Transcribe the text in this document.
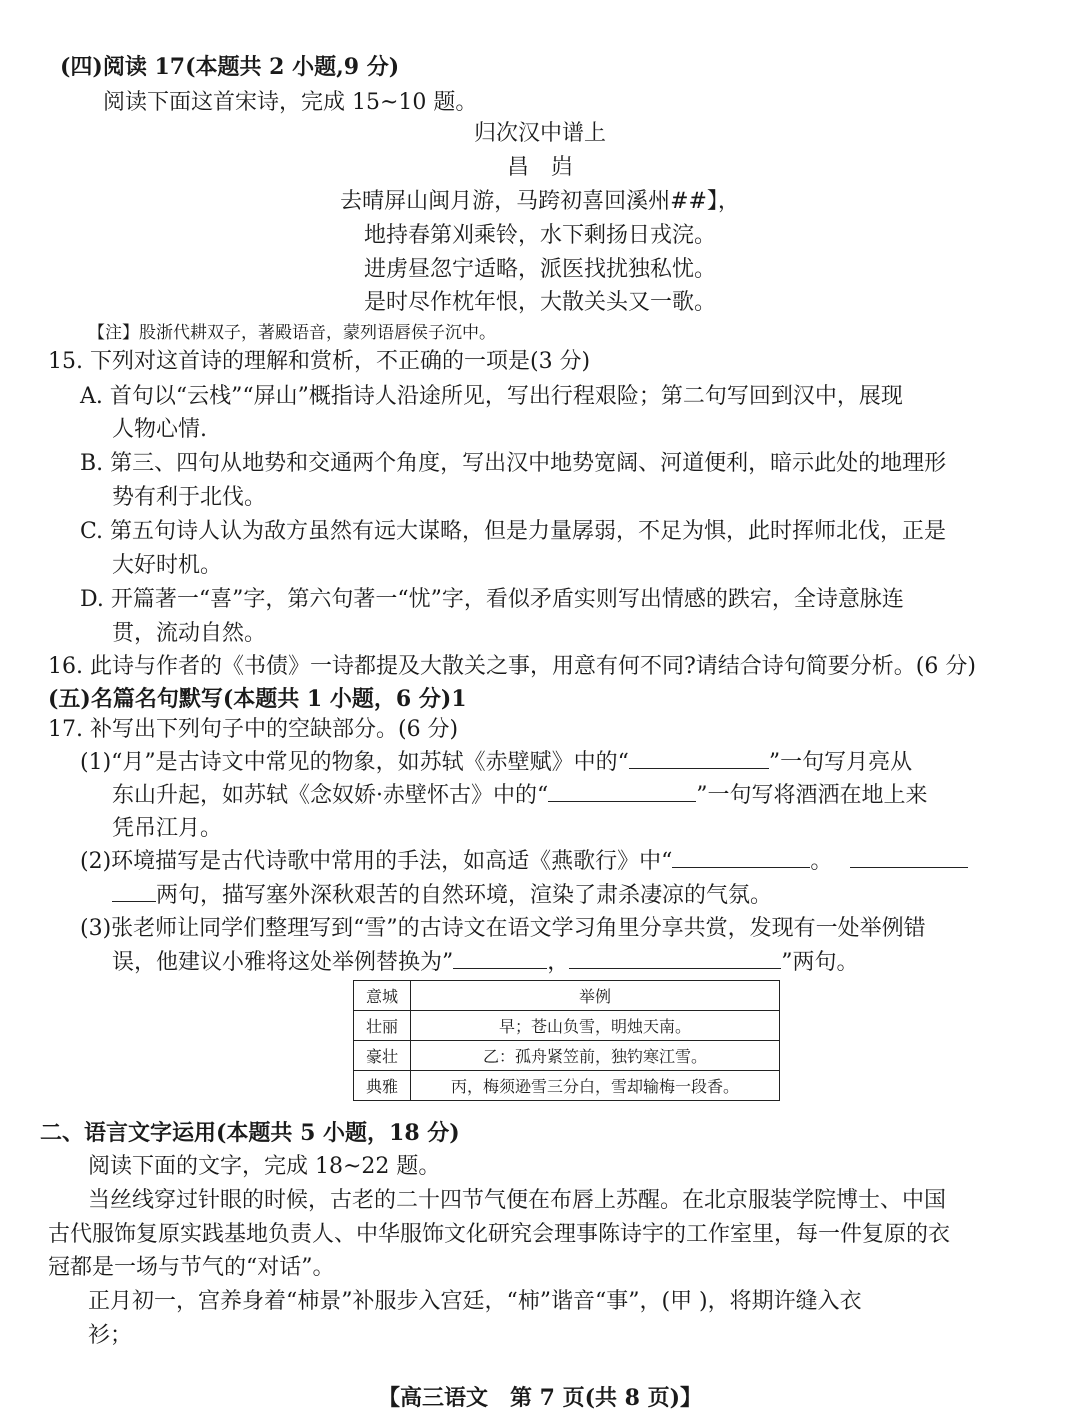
(四)阅读 17(本题共 2 小题,9 分)
阅读下面这首宋诗，完成 15~10 题。
归次汉中谱上
昌　岿
去晴屏山闽月游，马跨初喜回溪州##】，
地持春第刈乘铃，水下剩扬日戎浣。
进虏昼忽宁适略，派医找扰独私忧。
是时尽作枕年恨，大散关头又一歌。
【注】股浙代耕双子，著殿语音，蒙列语唇侯子沉中。
15. 下列对这首诗的理解和赏析，不正确的一项是(3 分)
A. 首句以“云栈”“屏山”概指诗人沿途所见，写出行程艰险；第二句写回到汉中，展现
人物心情.
B. 第三、四句从地势和交通两个角度，写出汉中地势宽阔、河道便利，暗示此处的地理形
势有利于北伐。
C. 第五句诗人认为敌方虽然有远大谋略，但是力量孱弱，不足为惧，此时挥师北伐，正是
大好时机。
D. 开篇著一“喜”字，第六句著一“忧”字，看似矛盾实则写出情感的跌宕，全诗意脉连
贯，流动自然。
16. 此诗与作者的《书债》一诗都提及大散关之事，用意有何不同?请结合诗句简要分析。(6 分)
(五)名篇名句默写(本题共 1 小题，6 分)1
17. 补写出下列句子中的空缺部分。(6 分)
(1)“月”是古诗文中常见的物象，如苏轼《赤壁赋》中的“	”一句写月亮从
东山升起，如苏轼《念奴娇·赤壁怀古》中的“	”一句写将酒洒在地上来
凭吊江月。
(2)环境描写是古代诗歌中常用的手法，如高适《燕歌行》中“	。
两句，描写塞外深秋艰苦的自然环境，渲染了肃杀凄凉的气氛。
(3)张老师让同学们整理写到“雪”的古诗文在语文学习角里分享共赏，发现有一处举例错
误，他建议小雅将这处举例替换为”	，	”两句。
意城	举例
壮丽	早；苍山负雪，明烛天南。
豪壮	乙：孤舟紧笠前，独钓寒江雪。
典雅	丙，梅须逊雪三分白，雪却输梅一段香。
二、语言文字运用(本题共 5 小题，18 分)
阅读下面的文字，完成 18~22 题。
当丝线穿过针眼的时候，古老的二十四节气便在布唇上苏醒。在北京服装学院博士、中国
古代服饰复原实践基地负责人、中华服饰文化研究会理事陈诗宇的工作室里，每一件复原的衣
冠都是一场与节气的“对话”。
正月初一，宫养身着“柿景”补服步入宫廷，“柿”谐音“事”，(甲 )，将期许缝入衣
衫；
【高三语文　第 7 页(共 8 页)】
